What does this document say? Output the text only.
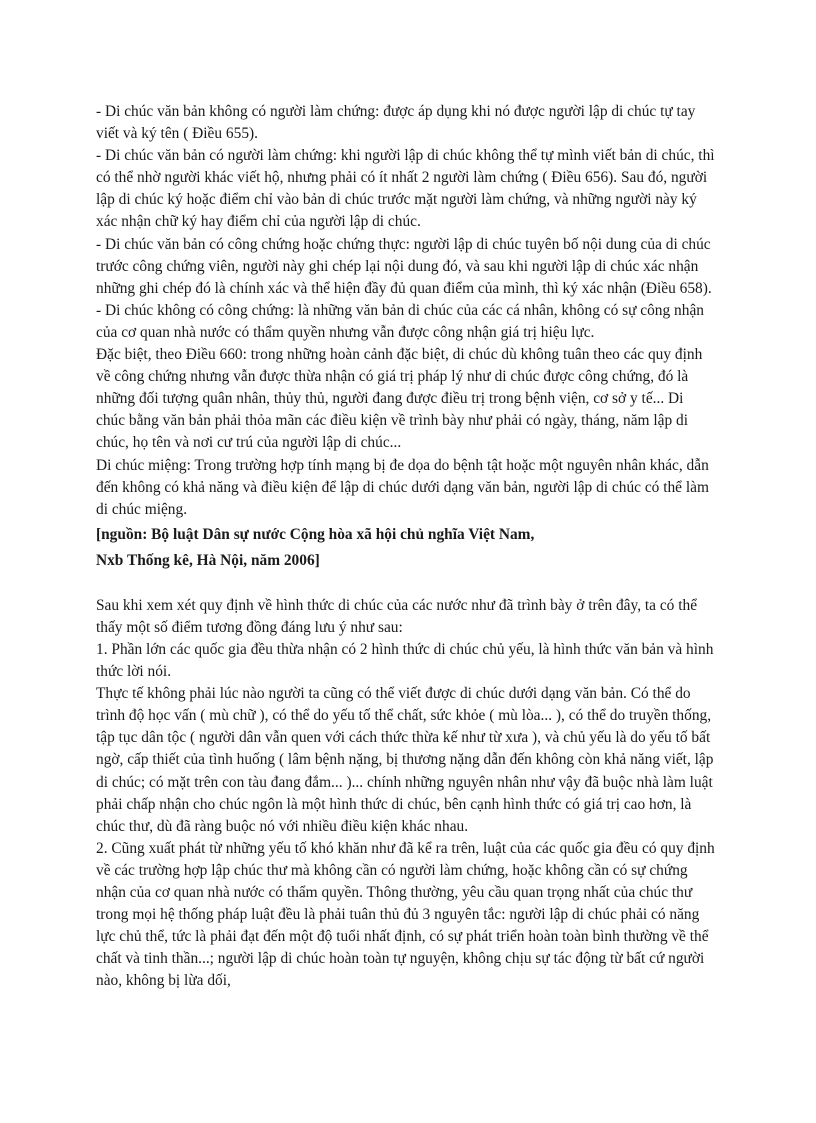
- Di chúc văn bản không có người làm chứng: được áp dụng khi nó được người lập di chúc tự tay viết và ký tên ( Điều 655).

- Di chúc văn bản có người làm chứng: khi người lập di chúc không thể tự mình viết bản di chúc, thì có thể nhờ người khác viết hộ, nhưng phải có ít nhất 2 người làm chứng ( Điều 656). Sau đó, người lập di chúc ký hoặc điểm chỉ vào bản di chúc trước mặt người làm chứng, và những người này ký xác nhận chữ ký hay điểm chỉ của người lập di chúc.

- Di chúc văn bản có công chứng hoặc chứng thực: người lập di chúc tuyên bố nội dung của di chúc trước công chứng viên, người này ghi chép lại nội dung đó, và sau khi người lập di chúc xác nhận những ghi chép đó là chính xác và thể hiện đầy đủ quan điểm của mình, thì ký xác nhận (Điều 658).

- Di chúc không có công chứng: là những văn bản di chúc của các cá nhân, không có sự công nhận của cơ quan nhà nước có thẩm quyền nhưng vẫn được công nhận giá trị hiệu lực.

Đặc biệt, theo Điều 660: trong những hoàn cảnh đặc biệt, di chúc dù không tuân theo các quy định về công chứng nhưng vẫn được thừa nhận có giá trị pháp lý như di chúc được công chứng, đó là những đối tượng quân nhân, thủy thủ, người đang được điều trị trong bệnh viện, cơ sở y tế... Di chúc bằng văn bản phải thỏa mãn các điều kiện về trình bày như phải có ngày, tháng, năm lập di chúc, họ tên và nơi cư trú của người lập di chúc...

Di chúc miệng: Trong trường hợp tính mạng bị đe dọa do bệnh tật hoặc một nguyên nhân khác, dẫn đến không có khả năng và điều kiện để lập di chúc dưới dạng văn bản, người lập di chúc có thể làm di chúc miệng.

[nguồn: Bộ luật Dân sự nước Cộng hòa xã hội chủ nghĩa Việt Nam,

Nxb Thống kê, Hà Nội, năm 2006]

Sau khi xem xét quy định về hình thức di chúc của các nước như đã trình bày ở trên đây, ta có thể thấy một số điểm tương đồng đáng lưu ý như sau:

1. Phần lớn các quốc gia đều thừa nhận có 2 hình thức di chúc chủ yếu, là hình thức văn bản và hình thức lời nói.

Thực tế không phải lúc nào người ta cũng có thể viết được di chúc dưới dạng văn bản. Có thể do trình độ học vấn ( mù chữ ), có thể do yếu tố thể chất, sức khỏe ( mù lòa... ), có thể do truyền thống, tập tục dân tộc ( người dân vẫn quen với cách thức thừa kế như từ xưa ), và chủ yếu là do yếu tố bất ngờ, cấp thiết của tình huống ( lâm bệnh nặng, bị thương nặng dẫn đến không còn khả năng viết, lập di chúc; có mặt trên con tàu đang đắm... )... chính những nguyên nhân như vậy đã buộc nhà làm luật phải chấp nhận cho chúc ngôn là một hình thức di chúc, bên cạnh hình thức có giá trị cao hơn, là chúc thư, dù đã ràng buộc nó với nhiều điều kiện khác nhau.

2. Cũng xuất phát từ những yếu tố khó khăn như đã kể ra trên, luật của các quốc gia đều có quy định về các trường hợp lập chúc thư mà không cần có người làm chứng, hoặc không cần có sự chứng nhận của cơ quan nhà nước có thẩm quyền. Thông thường, yêu cầu quan trọng nhất của chúc thư trong mọi hệ thống pháp luật đều là phải tuân thủ đủ 3 nguyên tắc: người lập di chúc phải có năng lực chủ thể, tức là phải đạt đến một độ tuổi nhất định, có sự phát triển hoàn toàn bình thường về thể chất và tinh thần...; người lập di chúc hoàn toàn tự nguyện, không chịu sự tác động từ bất cứ người nào, không bị lừa dối,
